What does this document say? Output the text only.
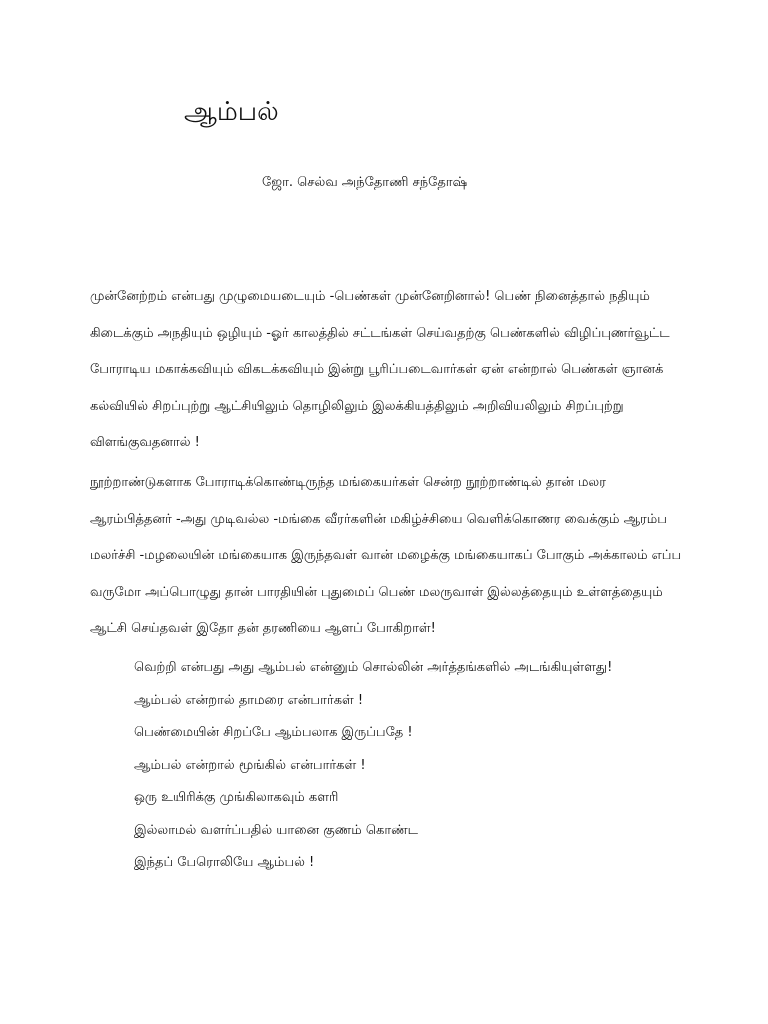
ஆம்பல்
ஜோ. செல்வ அந்தோணி சந்தோஷ்
முன்னேற்றம் என்பது முழுமையடையும் -பெண்கள் முன்னேறினால்! பெண் நினைத்தால் நதியும்
கிடைக்கும் அநதியும் ஒழியும் -ஓர் காலத்தில் சட்டங்கள் செய்வதற்கு பெண்களில் விழிப்புணர்வூட்ட
போராடிய மகாக்கவியும் விகடக்கவியும் இன்று பூரிப்படைவார்கள் ஏன் என்றால் பெண்கள் ஞானக்
கல்வியில் சிறப்புற்று ஆட்சியிலும் தொழிலிலும் இலக்கியத்திலும் அறிவியலிலும் சிறப்புற்று
விளங்குவதனால் !
நூற்றாண்டுகளாக போராடிக்கொண்டிருந்த மங்கையர்கள் சென்ற நூற்றாண்டில் தான் மலர
ஆரம்பித்தனர் -அது முடிவல்ல -மங்கை வீரர்களின் மகிழ்ச்சியை வெளிக்கொணர வைக்கும் ஆரம்ப
மலர்ச்சி -மழலையின் மங்கையாக இருந்தவள் வான் மழைக்கு மங்கையாகப் போகும் அக்காலம் எப்ப
வருமோ அப்பொழுது தான் பாரதியின் புதுமைப் பெண் மலருவாள் இல்லத்தையும் உள்ளத்தையும்
ஆட்சி செய்தவள் இதோ தன் தரணியை ஆளப் போகிறாள்!
வெற்றி என்பது அது ஆம்பல் என்னும் சொல்லின் அர்த்தங்களில் அடங்கியுள்ளது!
ஆம்பல் என்றால் தாமரை என்பார்கள் !
பெண்மையின் சிறப்பே ஆம்பலாக இருப்பதே !
ஆம்பல் என்றால் மூங்கில் என்பார்கள் !
ஒரு உயிரிக்கு முங்கிலாகவும் களரி
இல்லாமல் வளர்ப்பதில் யானை குணம் கொண்ட
இந்தப் பேரொலியே ஆம்பல் !
